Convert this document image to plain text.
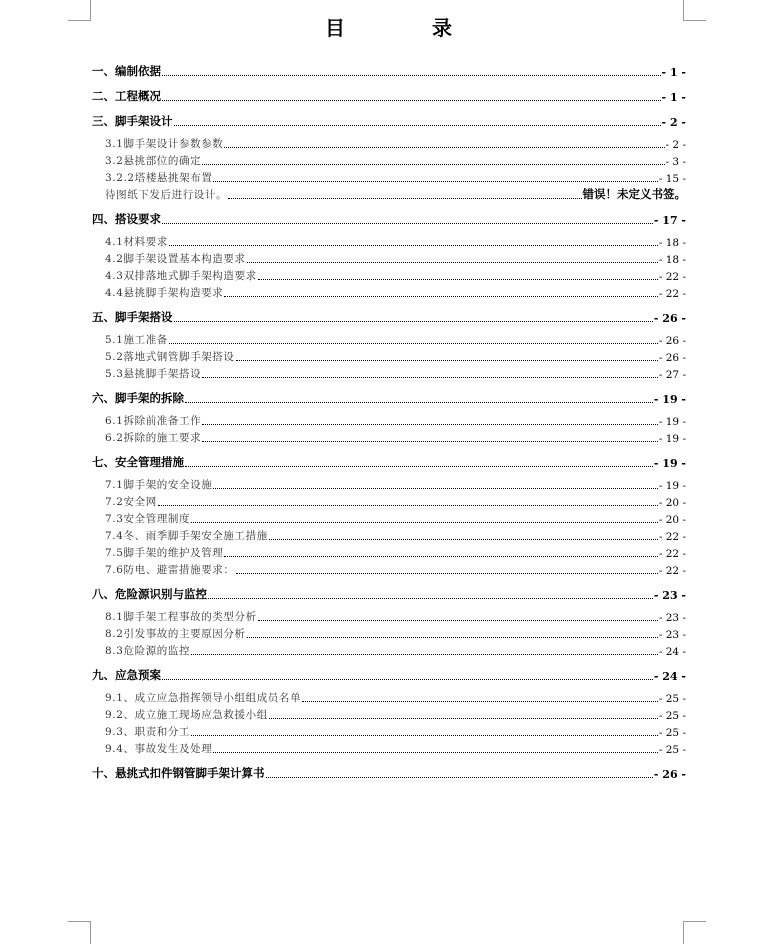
目 录
一、编制依据	- 1 -
二、工程概况	- 1 -
三、脚手架设计	- 2 -
3.1脚手架设计参数参数	- 2 -
3.2悬挑部位的确定	- 3 -
3.2.2塔楼悬挑架布置	- 15 -
待图纸下发后进行设计。	错误！未定义书签。
四、搭设要求	- 17 -
4.1材料要求	- 18 -
4.2脚手架设置基本构造要求	- 18 -
4.3双排落地式脚手架构造要求	- 22 -
4.4悬挑脚手架构造要求	- 22 -
五、脚手架搭设	- 26 -
5.1施工准备	- 26 -
5.2落地式钢管脚手架搭设	- 26 -
5.3悬挑脚手架搭设	- 27 -
六、脚手架的拆除	- 19 -
6.1拆除前准备工作	- 19 -
6.2拆除的施工要求	- 19 -
七、安全管理措施	- 19 -
7.1脚手架的安全设施	- 19 -
7.2安全网	- 20 -
7.3安全管理制度	- 20 -
7.4冬、雨季脚手架安全施工措施	- 22 -
7.5脚手架的维护及管理	- 22 -
7.6防电、避雷措施要求：	- 22 -
八、危险源识别与监控	- 23 -
8.1脚手架工程事故的类型分析	- 23 -
8.2引发事故的主要原因分析	- 23 -
8.3危险源的监控	- 24 -
九、应急预案	- 24 -
9.1、成立应急指挥领导小组组成员名单	- 25 -
9.2、成立施工现场应急救援小组	- 25 -
9.3、职责和分工	- 25 -
9.4、事故发生及处理	- 25 -
十、悬挑式扣件钢管脚手架计算书	- 26 -
